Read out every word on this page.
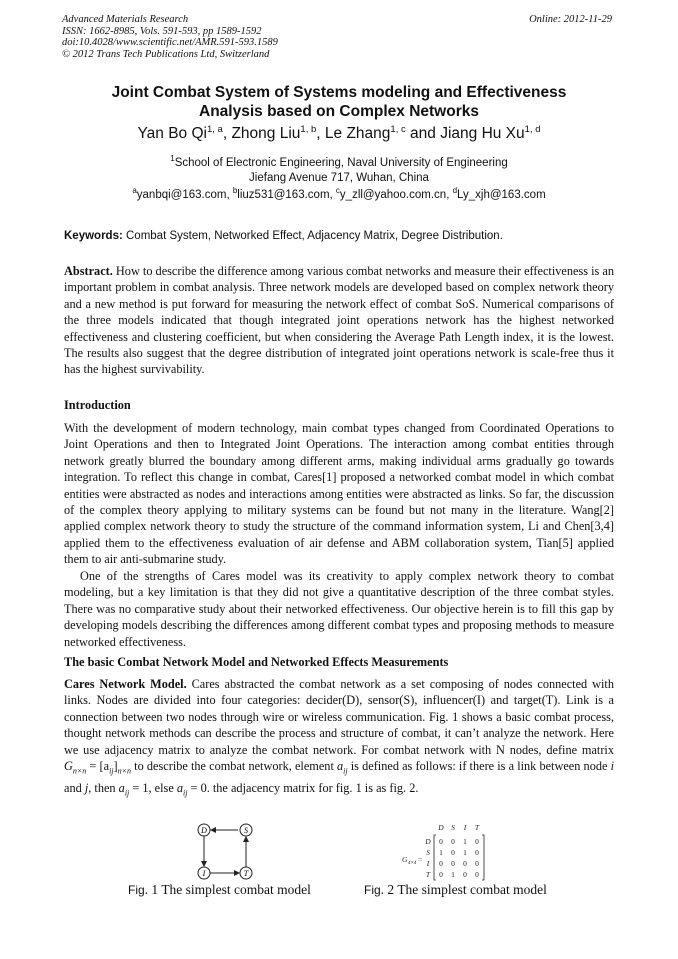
Advanced Materials Research
ISSN: 1662-8985, Vols. 591-593, pp 1589-1592
doi:10.4028/www.scientific.net/AMR.591-593.1589
© 2012 Trans Tech Publications Ltd, Switzerland
Online: 2012-11-29
Joint Combat System of Systems modeling and Effectiveness
Analysis based on Complex Networks
Yan Bo Qi$^{1, a}$, Zhong Liu$^{1, b}$, Le Zhang$^{1, c}$ and Jiang Hu Xu$^{1, d}$
$^1$School of Electronic Engineering, Naval University of Engineering
Jiefang Avenue 717, Wuhan, China
$^a$yanbqi@163.com, $^b$liuz531@163.com, $^c$y_zll@yahoo.com.cn, $^d$Ly_xjh@163.com
Keywords: Combat System, Networked Effect, Adjacency Matrix, Degree Distribution.
Abstract. How to describe the difference among various combat networks and measure their effectiveness is an important problem in combat analysis. Three network models are developed based on complex network theory and a new method is put forward for measuring the network effect of combat SoS. Numerical comparisons of the three models indicated that though integrated joint operations network has the highest networked effectiveness and clustering coefficient, but when considering the Average Path Length index, it is the lowest. The results also suggest that the degree distribution of integrated joint operations network is scale-free thus it has the highest survivability.
Introduction
With the development of modern technology, main combat types changed from Coordinated Operations to Joint Operations and then to Integrated Joint Operations. The interaction among combat entities through network greatly blurred the boundary among different arms, making individual arms gradually go towards integration. To reflect this change in combat, Cares[1] proposed a networked combat model in which combat entities were abstracted as nodes and interactions among entities were abstracted as links. So far, the discussion of the complex theory applying to military systems can be found but not many in the literature. Wang[2] applied complex network theory to study the structure of the command information system, Li and Chen[3,4] applied them to the effectiveness evaluation of air defense and ABM collaboration system, Tian[5] applied them to air anti-submarine study.
One of the strengths of Cares model was its creativity to apply complex network theory to combat modeling, but a key limitation is that they did not give a quantitative description of the three combat styles. There was no comparative study about their networked effectiveness. Our objective herein is to fill this gap by developing models describing the differences among different combat types and proposing methods to measure networked effectiveness.
The basic Combat Network Model and Networked Effects Measurements
Cares Network Model. Cares abstracted the combat network as a set composing of nodes connected with links. Nodes are divided into four categories: decider(D), sensor(S), influencer(I) and target(T). Link is a connection between two nodes through wire or wireless communication. Fig. 1 shows a basic combat process, thought network methods can describe the process and structure of combat, it can’t analyze the network. Here we use adjacency matrix to analyze the combat network. For combat network with N nodes, define matrix $G_{n\times n} = [a_{ij}]_{n\times n}$ to describe the combat network, element $a_{ij}$ is defined as follows: if there is a link between node i and j, then $a_{ij} = 1$, else $a_{ij} = 0$. the adjacency matrix for fig. 1 is as fig. 2.
D	S
I	T
Fig. 1 The simplest combat model
D S I T
D
S
I
T
G 4×4 =
0 0 1 0
1 0 1 0
0 0 0 0
0 1 0 0
Fig. 2 The simplest combat model
